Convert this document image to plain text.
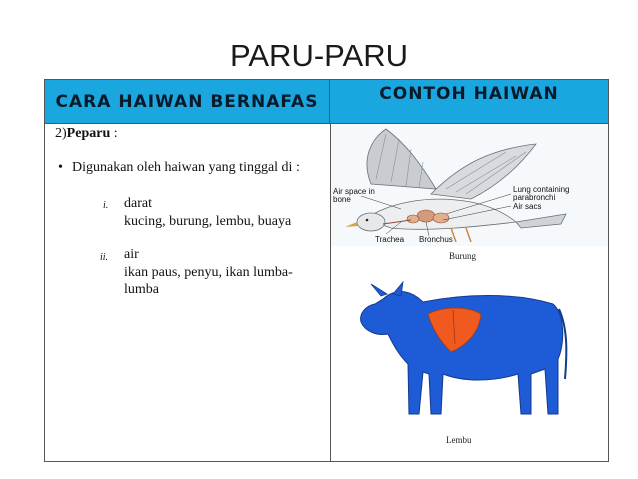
PARU-PARU
CARA HAIWAN BERNAFAS	CONTOH HAIWAN
2)Peparu :
• Digunakan oleh haiwan yang tinggal di :
i. darat
kucing, burung, lembu, buaya
ii. air
ikan paus, penyu, ikan lumba-lumba
Air space in bone
Lung containing parabronchi
Air sacs
Trachea Bronchus
Burung
Lembu
